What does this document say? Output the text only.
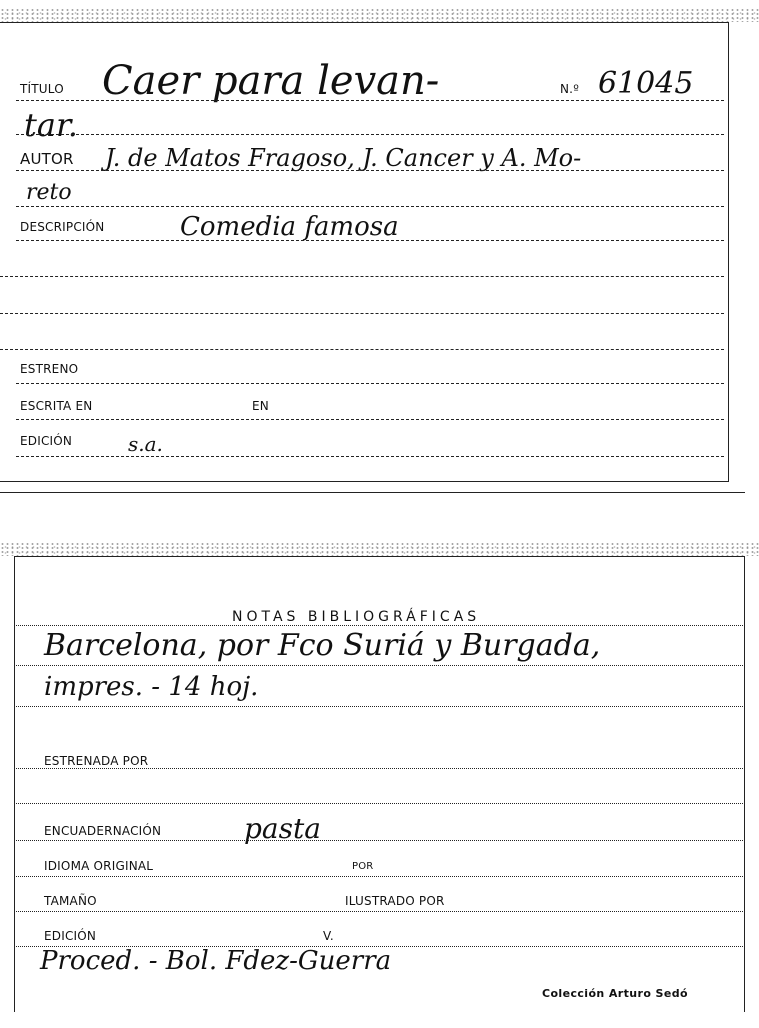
TÍTULO Caer para levan-	N.º 61045
tar.
AUTOR J. de Matos Fragoso, J. Cancer y A. Mo-
reto
DESCRIPCIÓN	Comedia famosa
ESTRENO
ESCRITA EN	EN
EDICIÓN	s.a.
NOTAS BIBLIOGRÁFICAS
Barcelona, por Fco Suriá y Burgada,
impres. - 14 hoj.
ESTRENADA POR
ENCUADERNACIÓN	pasta
IDIOMA ORIGINAL	POR
TAMAÑO	ILUSTRADO POR
EDICIÓN	V.
Proced. - Bol. Fdez-Guerra
Colección Arturo Sedó
